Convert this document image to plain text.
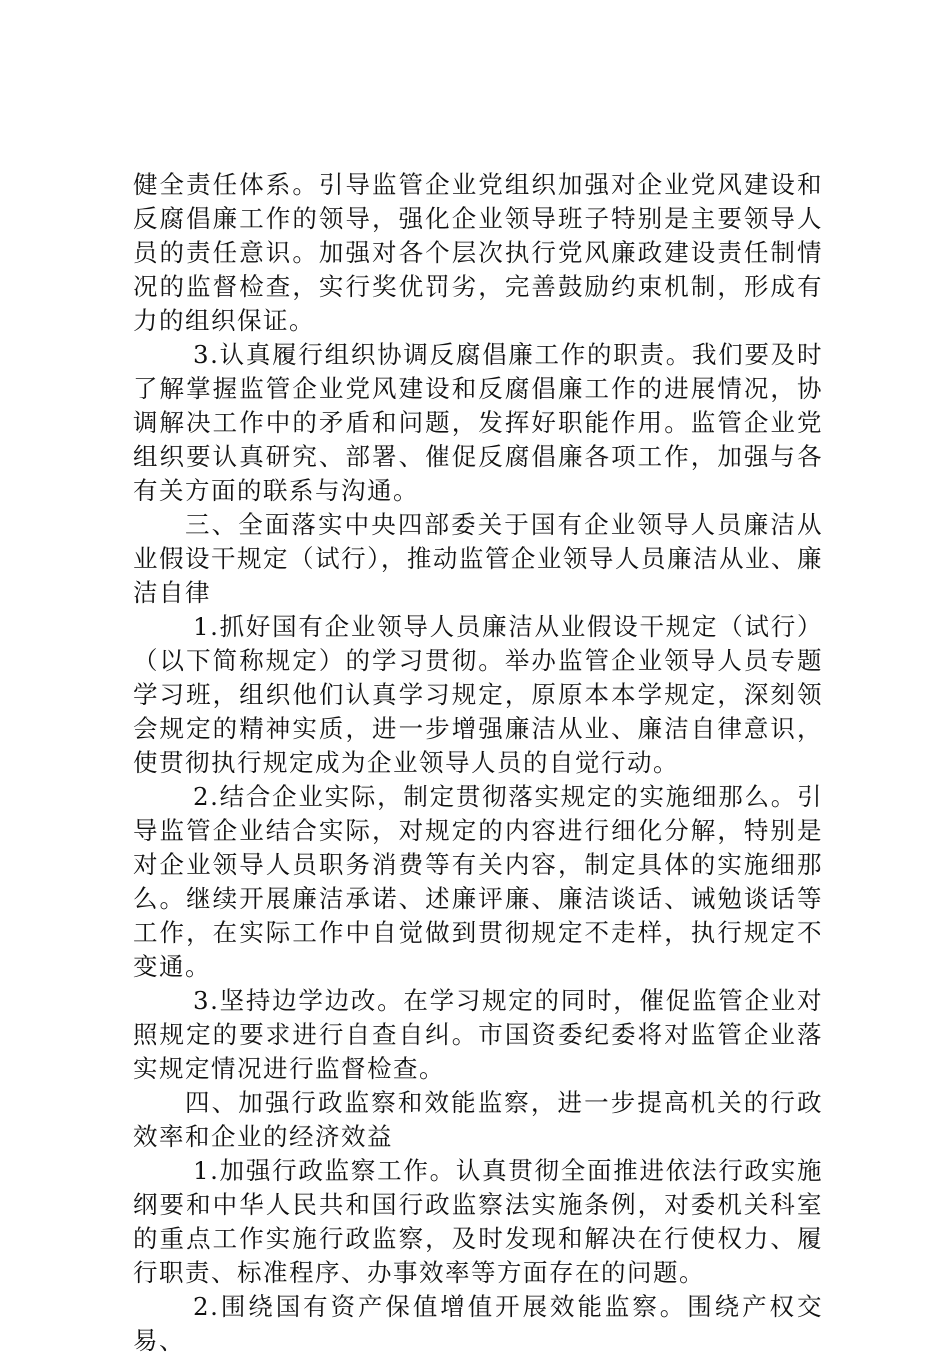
健全责任体系。引导监管企业党组织加强对企业党风建设和反腐倡廉工作的领导，强化企业领导班子特别是主要领导人员的责任意识。加强对各个层次执行党风廉政建设责任制情况的监督检查，实行奖优罚劣，完善鼓励约束机制，形成有力的组织保证。

3.认真履行组织协调反腐倡廉工作的职责。我们要及时了解掌握监管企业党风建设和反腐倡廉工作的进展情况，协调解决工作中的矛盾和问题，发挥好职能作用。监管企业党组织要认真研究、部署、催促反腐倡廉各项工作，加强与各有关方面的联系与沟通。

三、全面落实中央四部委关于国有企业领导人员廉洁从业假设干规定（试行），推动监管企业领导人员廉洁从业、廉洁自律

1.抓好国有企业领导人员廉洁从业假设干规定（试行）（以下简称规定）的学习贯彻。举办监管企业领导人员专题学习班，组织他们认真学习规定，原原本本学规定，深刻领会规定的精神实质，进一步增强廉洁从业、廉洁自律意识，使贯彻执行规定成为企业领导人员的自觉行动。

2.结合企业实际，制定贯彻落实规定的实施细那么。引导监管企业结合实际，对规定的内容进行细化分解，特别是对企业领导人员职务消费等有关内容，制定具体的实施细那么。继续开展廉洁承诺、述廉评廉、廉洁谈话、诫勉谈话等工作，在实际工作中自觉做到贯彻规定不走样，执行规定不变通。

3.坚持边学边改。在学习规定的同时，催促监管企业对照规定的要求进行自查自纠。市国资委纪委将对监管企业落实规定情况进行监督检查。

四、加强行政监察和效能监察，进一步提高机关的行政效率和企业的经济效益

1.加强行政监察工作。认真贯彻全面推进依法行政实施纲要和中华人民共和国行政监察法实施条例，对委机关科室的重点工作实施行政监察，及时发现和解决在行使权力、履行职责、标准程序、办事效率等方面存在的问题。

2.围绕国有资产保值增值开展效能监察。围绕产权交易、
